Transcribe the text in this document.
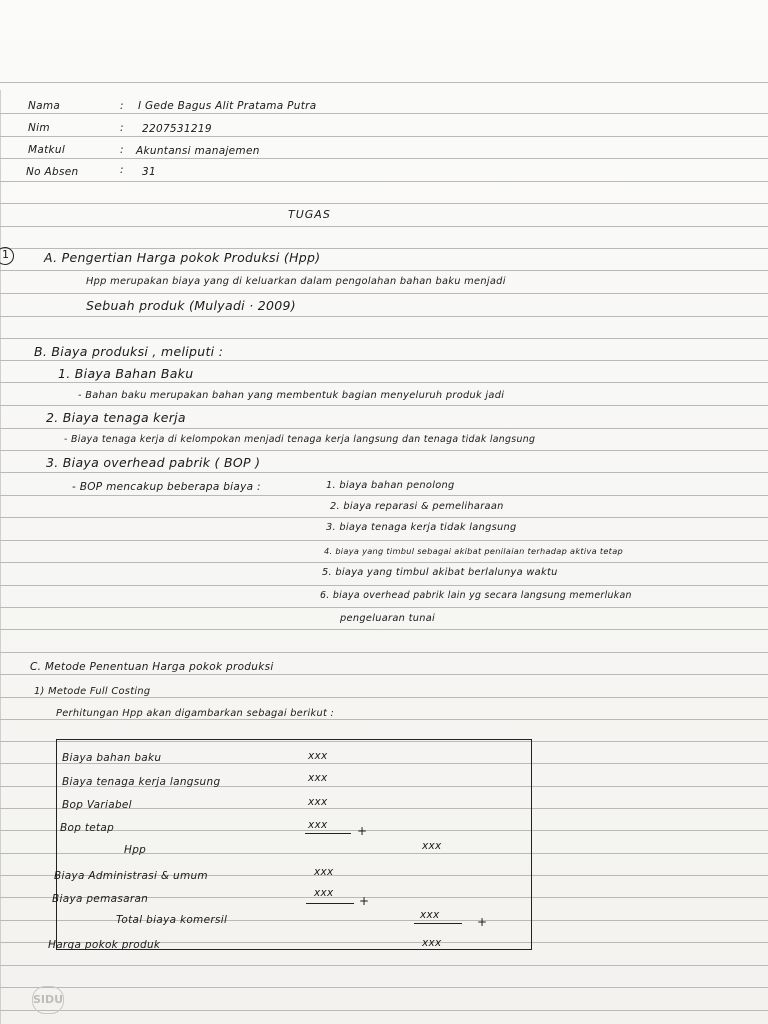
Nama	: I Gede Bagus Alit Pratama Putra
Nim	: 2207531219
Matkul	: Akuntansi manajemen
No Absen	: 31
TUGAS
1	A. Pengertian Harga pokok Produksi (Hpp)
Hpp merupakan biaya yang di keluarkan dalam pengolahan bahan baku menjadi
Sebuah produk (Mulyadi · 2009)
B. Biaya produksi , meliputi :
1. Biaya Bahan Baku
- Bahan baku merupakan bahan yang membentuk bagian menyeluruh produk jadi
2. Biaya tenaga kerja
- Biaya tenaga kerja di kelompokan menjadi tenaga kerja langsung dan tenaga tidak langsung
3. Biaya overhead pabrik ( BOP )
- BOP mencakup beberapa biaya :	1. biaya bahan penolong
2. biaya reparasi & pemeliharaan
3. biaya tenaga kerja tidak langsung
4. biaya yang timbul sebagai akibat penilaian terhadap aktiva tetap
5. biaya yang timbul akibat berlalunya waktu
6. biaya overhead pabrik lain yg secara langsung memerlukan
pengeluaran tunai
C. Metode Penentuan Harga pokok produksi
1) Metode Full Costing
Perhitungan Hpp akan digambarkan sebagai berikut :
Biaya bahan baku	xxx
Biaya tenaga kerja langsung	xxx
Bop Variabel	xxx
Bop tetap	xxx +
Hpp	xxx
Biaya Administrasi & umum	xxx
Biaya pemasaran	xxx
+
Total biaya komersil	xxx	+
Harga pokok produk	xxx
SIDU
